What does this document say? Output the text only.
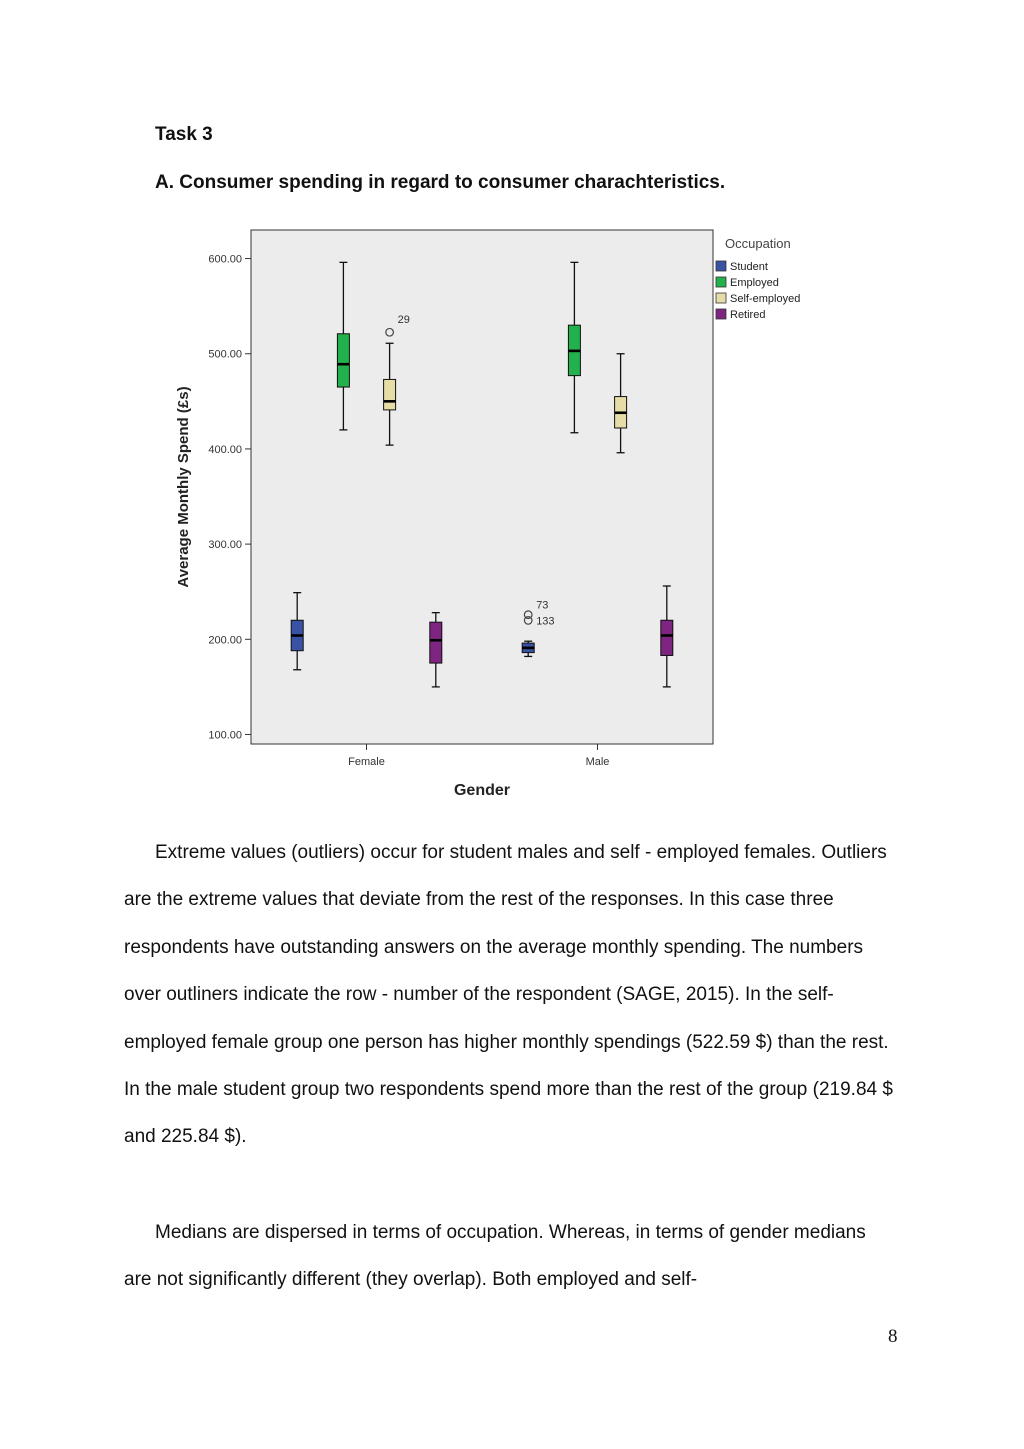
Task 3
A. Consumer spending in regard to consumer charachteristics.
100.00
200.00
300.00
400.00
500.00
600.00
Female	Male
73
133
29
Average Monthly Spend (£s)
Gender
Occupation
Student
Employed
Self-employed
Retired

Extreme values (outliers) occur for student males and self - employed females. Outliers are the extreme values that deviate from the rest of the responses. In this case three respondents have outstanding answers on the average monthly spending. The numbers over outliners indicate the row - number of the respondent (SAGE, 2015). In the self-employed female group one person has higher monthly spendings (522.59 $) than the rest. In the male student group two respondents spend more than the rest of the group (219.84 $ and 225.84 $).

Medians are dispersed in terms of occupation. Whereas, in terms of gender medians are not significantly different (they overlap). Both employed and self-

8
